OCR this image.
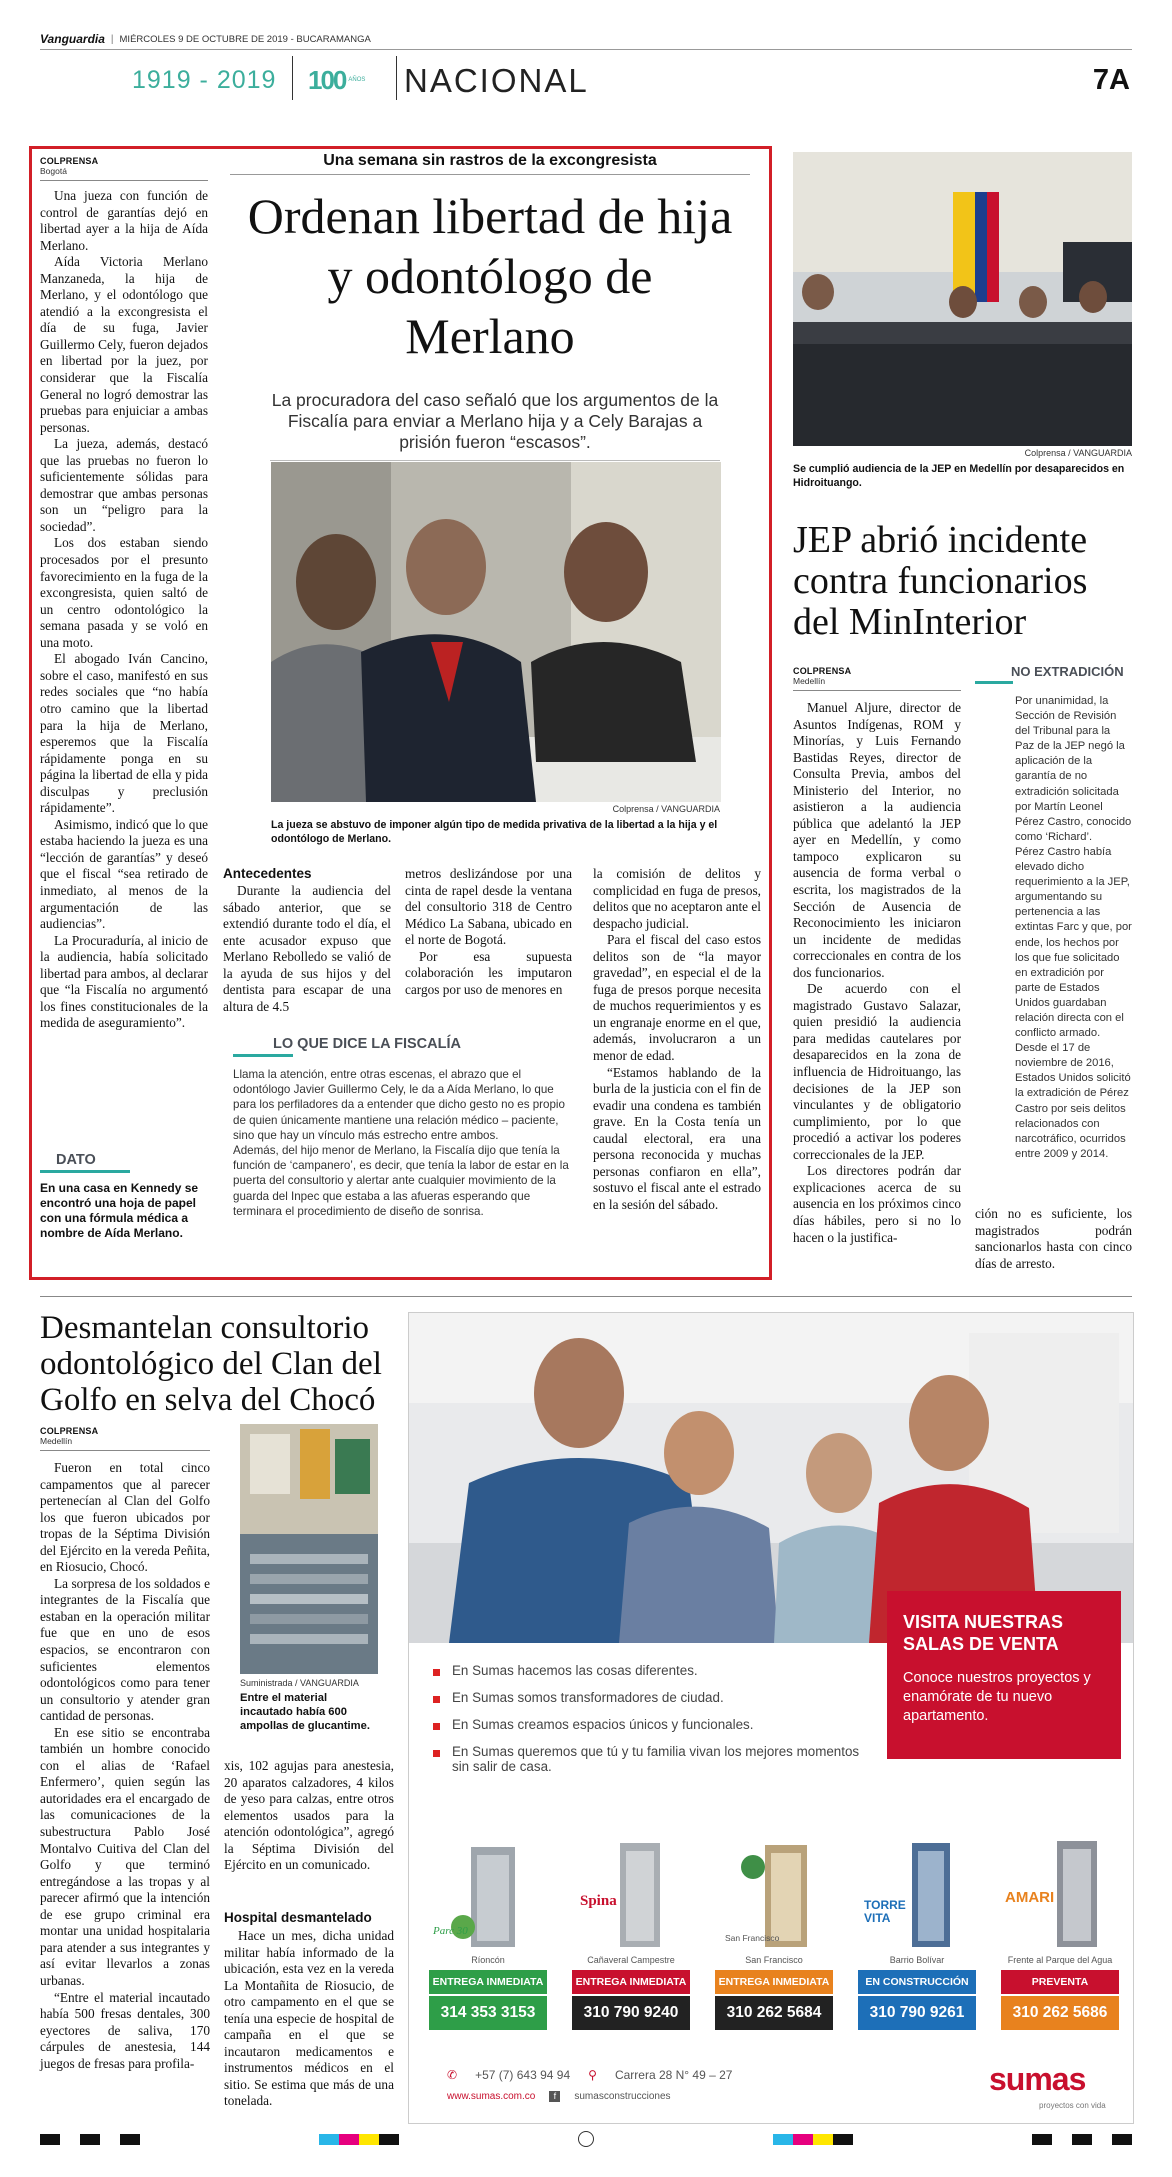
Vanguardia | MIÉRCOLES 9 DE OCTUBRE DE 2019 - BUCARAMANGA
1919 - 2019 100 AÑOS NACIONAL	7A
COLPRENSA
Bogotá

Una jueza con función de control de garantías dejó en libertad ayer a la hija de Aída Merlano.

Aída Victoria Merlano Manzaneda, la hija de Merlano, y el odontólogo que atendió a la excongresista el día de su fuga, Javier Guillermo Cely, fueron dejados en libertad por la juez, por considerar que la Fiscalía General no logró demostrar las pruebas para enjuiciar a ambas personas.

La jueza, además, destacó que las pruebas no fueron lo suficientemente sólidas para demostrar que ambas personas son un “peligro para la sociedad”.

Los dos estaban siendo procesados por el presunto favorecimiento en la fuga de la excongresista, quien saltó de un centro odontológico la semana pasada y se voló en una moto.

El abogado Iván Cancino, sobre el caso, manifestó en sus redes sociales que “no había otro camino que la libertad para la hija de Merlano, esperemos que la Fiscalía rápidamente ponga en su página la libertad de ella y pida disculpas y preclusión rápidamente”.

Asimismo, indicó que lo que estaba haciendo la jueza es una “lección de garantías” y deseó que el fiscal “sea retirado de inmediato, al menos de la argumentación de las audiencias”.

La Procuraduría, al inicio de la audiencia, había solicitado libertad para ambos, al declarar que “la Fiscalía no argumentó los fines constitucionales de la medida de aseguramiento”.

DATO
En una casa en Kennedy se encontró una hoja de papel con una fórmula médica a nombre de Aída Merlano.
Una semana sin rastros de la excongresista
Ordenan libertad de hija y odontólogo de Merlano
La procuradora del caso señaló que los argumentos de la Fiscalía para enviar a Merlano hija y a Cely Barajas a prisión fueron “escasos”.
Colprensa / VANGUARDIA
La jueza se abstuvo de imponer algún tipo de medida privativa de la libertad a la hija y el odontólogo de Merlano.
Antecedentes

Durante la audiencia del sábado anterior, que se extendió durante todo el día, el ente acusador expuso que Merlano Rebolledo se valió de la ayuda de sus hijos y del dentista para escapar de una altura de 4.5

metros deslizándose por una cinta de rapel desde la ventana del consultorio 318 de Centro Médico La Sabana, ubicado en el norte de Bogotá.

Por esa supuesta colaboración les imputaron cargos por uso de menores en

LO QUE DICE LA FISCALÍA
Llama la atención, entre otras escenas, el abrazo que el odontólogo Javier Guillermo Cely, le da a Aída Merlano, lo que para los perfiladores da a entender que dicho gesto no es propio de quien únicamente mantiene una relación médico – paciente, sino que hay un vínculo más estrecho entre ambos.
Además, del hijo menor de Merlano, la Fiscalía dijo que tenía la función de ‘campanero’, es decir, que tenía la labor de estar en la puerta del consultorio y alertar ante cualquier movimiento de la guarda del Inpec que estaba a las afueras esperando que terminara el procedimiento de diseño de sonrisa.

la comisión de delitos y complicidad en fuga de presos, delitos que no aceptaron ante el despacho judicial.

Para el fiscal del caso estos delitos son de “la mayor gravedad”, en especial el de la fuga de presos porque necesita de muchos requerimientos y es un engranaje enorme en el que, además, involucraron a un menor de edad.

“Estamos hablando de la burla de la justicia con el fin de evadir una condena es también grave. En la Costa tenía un caudal electoral, era una persona reconocida y muchas personas confiaron en ella”, sostuvo el fiscal ante el estrado en la sesión del sábado.

Colprensa / VANGUARDIA
Se cumplió audiencia de la JEP en Medellín por desaparecidos en Hidroituango.
JEP abrió incidente contra funcionarios del MinInterior
COLPRENSA
Medellín

Manuel Aljure, director de Asuntos Indígenas, ROM y Minorías, y Luis Fernando Bastidas Reyes, director de Consulta Previa, ambos del Ministerio del Interior, no asistieron a la audiencia pública que adelantó la JEP ayer en Medellín, y como tampoco explicaron su ausencia de forma verbal o escrita, los magistrados de la Sección de Ausencia de Reconocimiento les iniciaron un incidente de medidas correccionales en contra de los dos funcionarios.

De acuerdo con el magistrado Gustavo Salazar, quien presidió la audiencia para medidas cautelares por desaparecidos en la zona de influencia de Hidroituango, las decisiones de la JEP son vinculantes y de obligatorio cumplimiento, por lo que procedió a activar los poderes correccionales de la JEP.

Los directores podrán dar explicaciones acerca de su ausencia en los próximos cinco días hábiles, pero si no lo hacen o la justifica-

NO EXTRADICIÓN
Por unanimidad, la Sección de Revisión del Tribunal para la Paz de la JEP negó la aplicación de la garantía de no extradición solicitada por Martín Leonel Pérez Castro, conocido como ‘Richard’.
Pérez Castro había elevado dicho requerimiento a la JEP, argumentando su pertenencia a las extintas Farc y que, por ende, los hechos por los que fue solicitado en extradición por parte de Estados Unidos guardaban relación directa con el conflicto armado.
Desde el 17 de noviembre de 2016, Estados Unidos solicitó la extradición de Pérez Castro por seis delitos relacionados con narcotráfico, ocurridos entre 2009 y 2014.
ción no es suficiente, los magistrados podrán sancionarlos hasta con cinco días de arresto.
Desmantelan consultorio odontológico del Clan del Golfo en selva del Chocó
COLPRENSA
Medellín

Fueron en total cinco campamentos que al parecer pertenecían al Clan del Golfo los que fueron ubicados por tropas de la Séptima División del Ejército en la vereda Peñita, en Riosucio, Chocó.

La sorpresa de los soldados e integrantes de la Fiscalía que estaban en la operación militar fue que en uno de esos espacios, se encontraron con suficientes elementos odontológicos como para tener un consultorio y atender gran cantidad de personas.

En ese sitio se encontraba también un hombre conocido con el alias de ‘Rafael Enfermero’, quien según las autoridades era el encargado de las comunicaciones de la subestructura Pablo José Montalvo Cuitiva del Clan del Golfo y que terminó entregándose a las tropas y al parecer afirmó que la intención de ese grupo criminal era montar una unidad hospitalaria para atender a sus integrantes y así evitar llevarlos a zonas urbanas.

“Entre el material incautado había 500 fresas dentales, 300 eyectores de saliva, 170 cárpules de anestesia, 144 juegos de fresas para profila-

Suministrada / VANGUARDIA
Entre el material incautado había 600 ampollas de glucantime.

xis, 102 agujas para anestesia, 20 aparatos calzadores, 4 kilos de yeso para calzas, entre otros elementos usados para la atención odontológica”, agregó la Séptima División del Ejército en un comunicado.

Hospital desmantelado

Hace un mes, dicha unidad militar había informado de la ubicación, esta vez en la vereda La Montañita de Riosucio, de otro campamento en el que se tenía una especie de hospital de campaña en el que se incautaron medicamentos e instrumentos médicos en el sitio. Se estima que más de una tonelada.

VISITA NUESTRAS SALAS DE VENTA
Conoce nuestros proyectos y enamórate de tu nuevo apartamento.
En Sumas hacemos las cosas diferentes.
En Sumas somos transformadores de ciudad.
En Sumas creamos espacios únicos y funcionales.
En Sumas queremos que tú y tu familia vivan los mejores momentos sin salir de casa.
Parc 30
Ríoncón
ENTREGA INMEDIATA
314 353 3153
Spina
Cañaveral Campestre
ENTREGA INMEDIATA
310 790 9240
San Francisco
San Francisco
ENTREGA INMEDIATA
310 262 5684
TORRE VITA
Barrio Bolívar
EN CONSTRUCCIÓN
310 790 9261
AMARI
Frente al Parque del Agua
PREVENTA
310 262 5686
✆ +57 (7) 643 94 94 ⚲ Carrera 28 N° 49 – 27
www.sumas.com.co	f	sumasconstrucciones	sumas
proyectos con vida
